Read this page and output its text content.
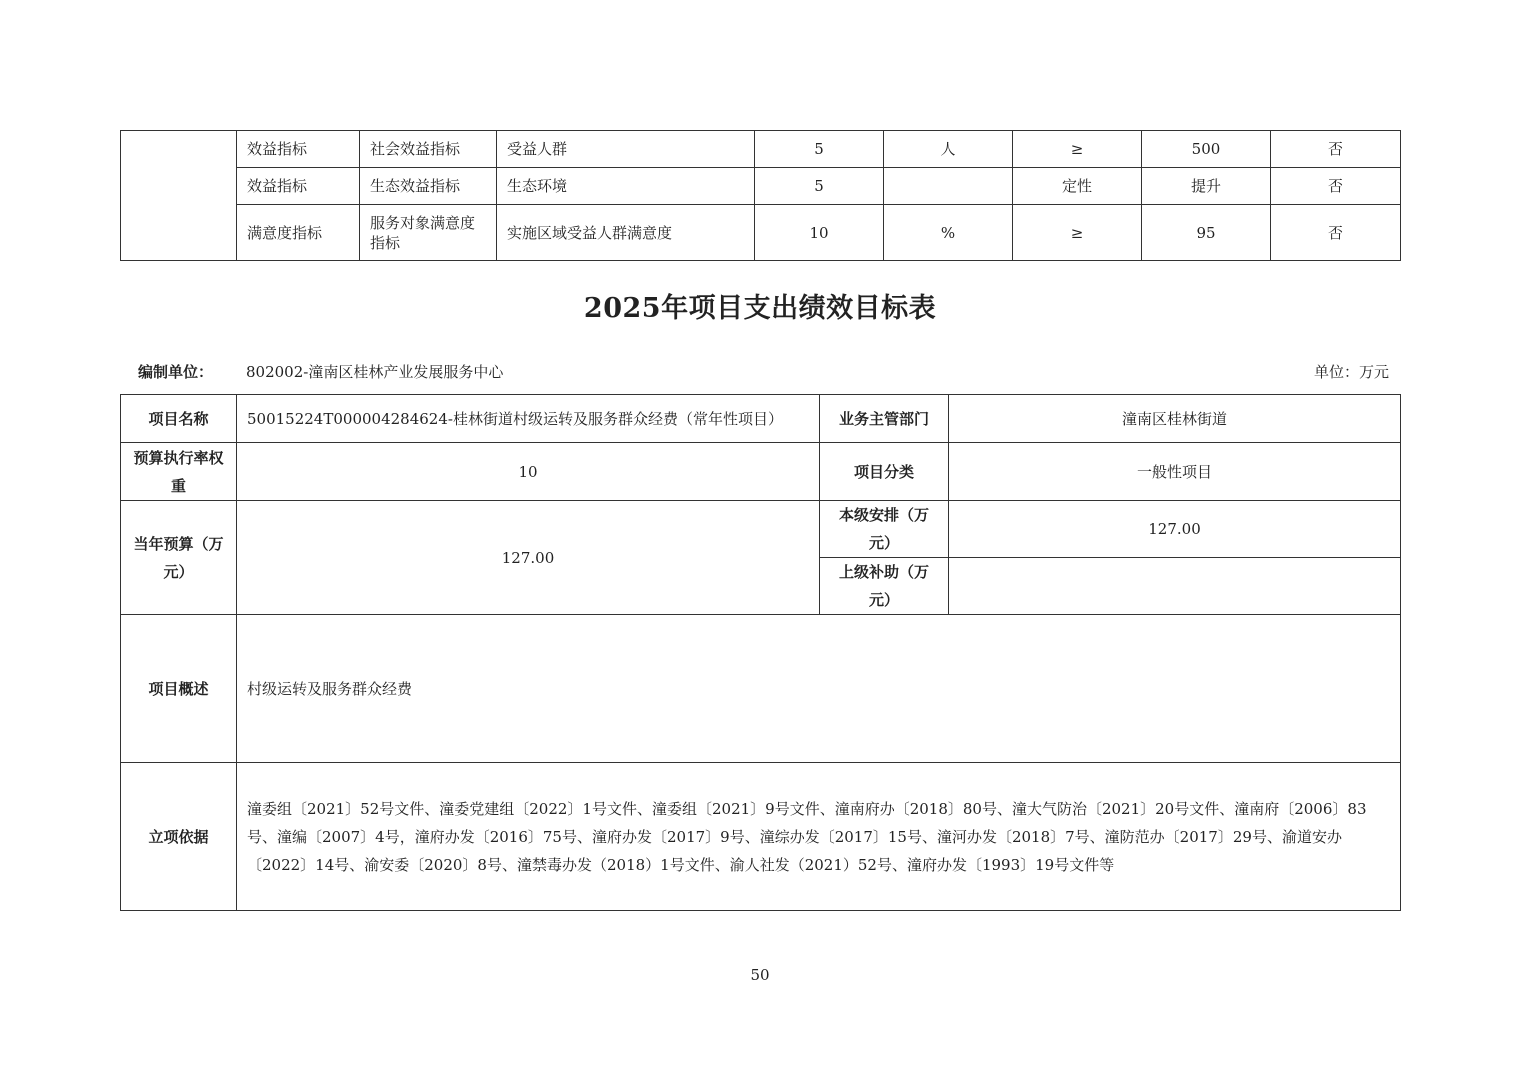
	效益指标	社会效益指标	受益人群	5	人	≥	500	否
	效益指标	生态效益指标	生态环境	5		定性	提升	否
	满意度指标	服务对象满意度指标	实施区域受益人群满意度	10	%	≥	95	否
2025年项目支出绩效目标表
编制单位： 802002-潼南区桂林产业发展服务中心	单位：万元
项目名称	50015224T000004284624-桂林街道村级运转及服务群众经费（常年性项目）	业务主管部门	潼南区桂林街道
预算执行率权重	10	项目分类	一般性项目
当年预算（万元）	127.00	本级安排（万元）	127.00
		上级补助（万元）	
项目概述	村级运转及服务群众经费		
立项依据	潼委组〔2021〕52号文件、潼委党建组〔2022〕1号文件、潼委组〔2021〕9号文件、潼南府办〔2018〕80号、潼大气防治〔2021〕20号文件、潼南府〔2006〕83号、潼编〔2007〕4号，潼府办发〔2016〕75号、潼府办发〔2017〕9号、潼综办发〔2017〕15号、潼河办发〔2018〕7号、潼防范办〔2017〕29号、渝道安办〔2022〕14号、渝安委〔2020〕8号、潼禁毒办发（2018）1号文件、渝人社发（2021）52号、潼府办发〔1993〕19号文件等		
50
